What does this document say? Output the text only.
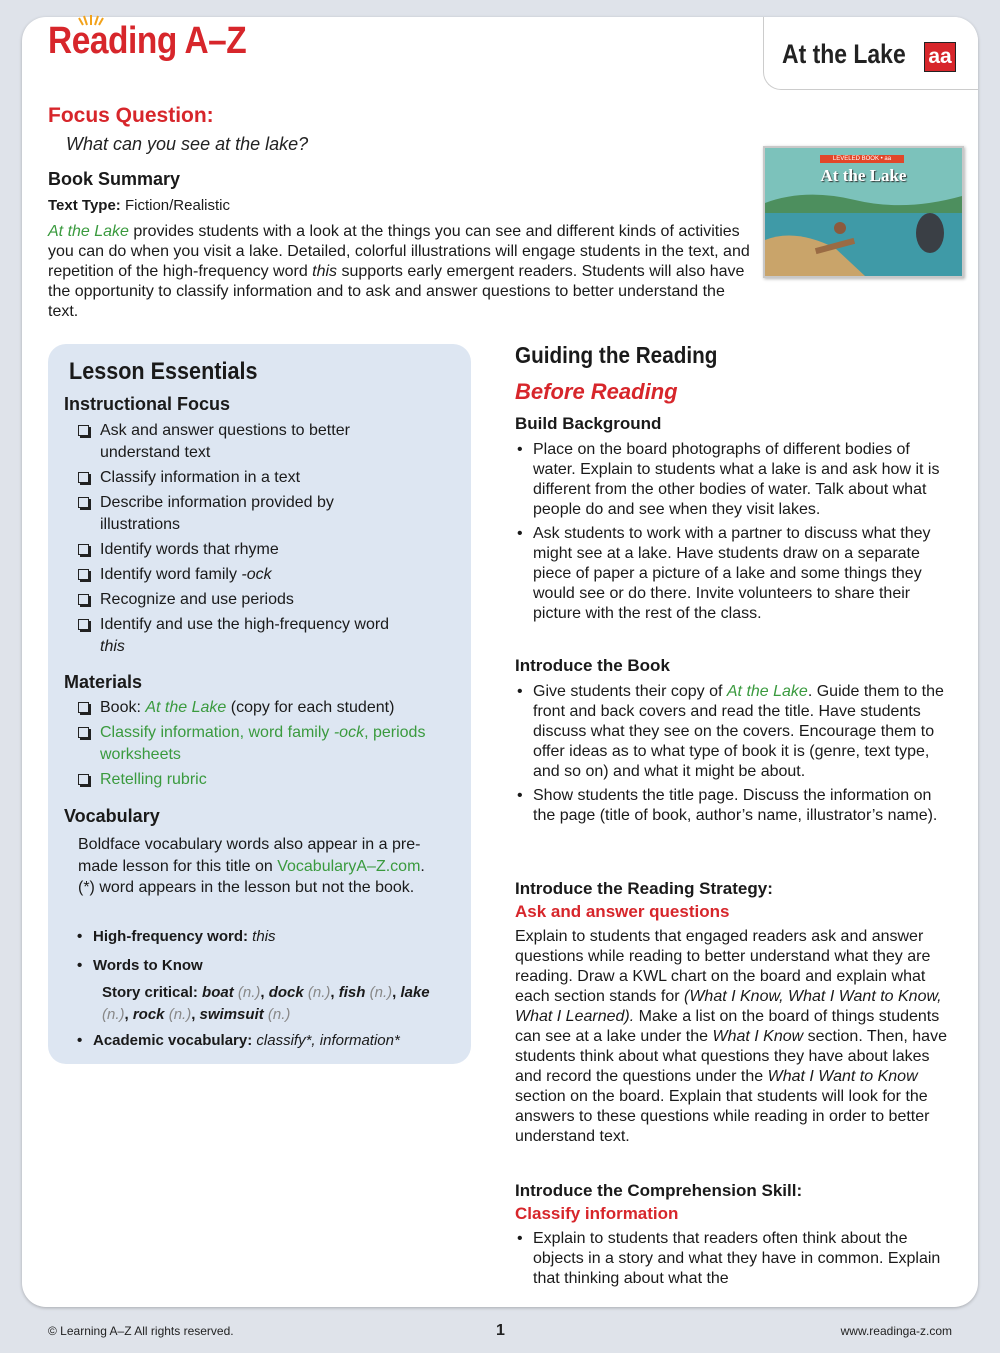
Reading A–Z	At the Lake aa
Focus Question:
What can you see at the lake?
Book Summary
Text Type: Fiction/Realistic
At the Lake provides students with a look at the things you can see and different kinds of activities you can do when you visit a lake. Detailed, colorful illustrations will engage students in the text, and repetition of the high-frequency word this supports early emergent readers. Students will also have the opportunity to classify information and to ask and answer questions to better understand the text.
LEVELED BOOK • aa
At the Lake
Lesson Essentials
Instructional Focus
Ask and answer questions to better understand text
Classify information in a text
Describe information provided by illustrations
Identify words that rhyme
Identify word family -ock
Recognize and use periods
Identify and use the high-frequency word this
Materials
Book: At the Lake (copy for each student)
Classify information, word family -ock, periods worksheets
Retelling rubric
Vocabulary
Boldface vocabulary words also appear in a pre-made lesson for this title on VocabularyA–Z.com. (*) word appears in the lesson but not the book.
• High-frequency word: this
• Words to Know
Story critical: boat (n.), dock (n.), fish (n.), lake (n.), rock (n.), swimsuit (n.)
• Academic vocabulary: classify*, information*
Guiding the Reading
Before Reading
Build Background
• Place on the board photographs of different bodies of water. Explain to students what a lake is and ask how it is different from the other bodies of water. Talk about what people do and see when they visit lakes.
• Ask students to work with a partner to discuss what they might see at a lake. Have students draw on a separate piece of paper a picture of a lake and some things they would see or do there. Invite volunteers to share their picture with the rest of the class.
Introduce the Book
• Give students their copy of At the Lake. Guide them to the front and back covers and read the title. Have students discuss what they see on the covers. Encourage them to offer ideas as to what type of book it is (genre, text type, and so on) and what it might be about.
• Show students the title page. Discuss the information on the page (title of book, author’s name, illustrator’s name).
Introduce the Reading Strategy:
Ask and answer questions
Explain to students that engaged readers ask and answer questions while reading to better understand what they are reading. Draw a KWL chart on the board and explain what each section stands for (What I Know, What I Want to Know, What I Learned). Make a list on the board of things students can see at a lake under the What I Know section. Then, have students think about what questions they have about lakes and record the questions under the What I Want to Know section on the board. Explain that students will look for the answers to these questions while reading in order to better understand text.
Introduce the Comprehension Skill:
Classify information
• Explain to students that readers often think about the objects in a story and what they have in common. Explain that thinking about what the
© Learning A–Z All rights reserved.	1	www.readinga-z.com
